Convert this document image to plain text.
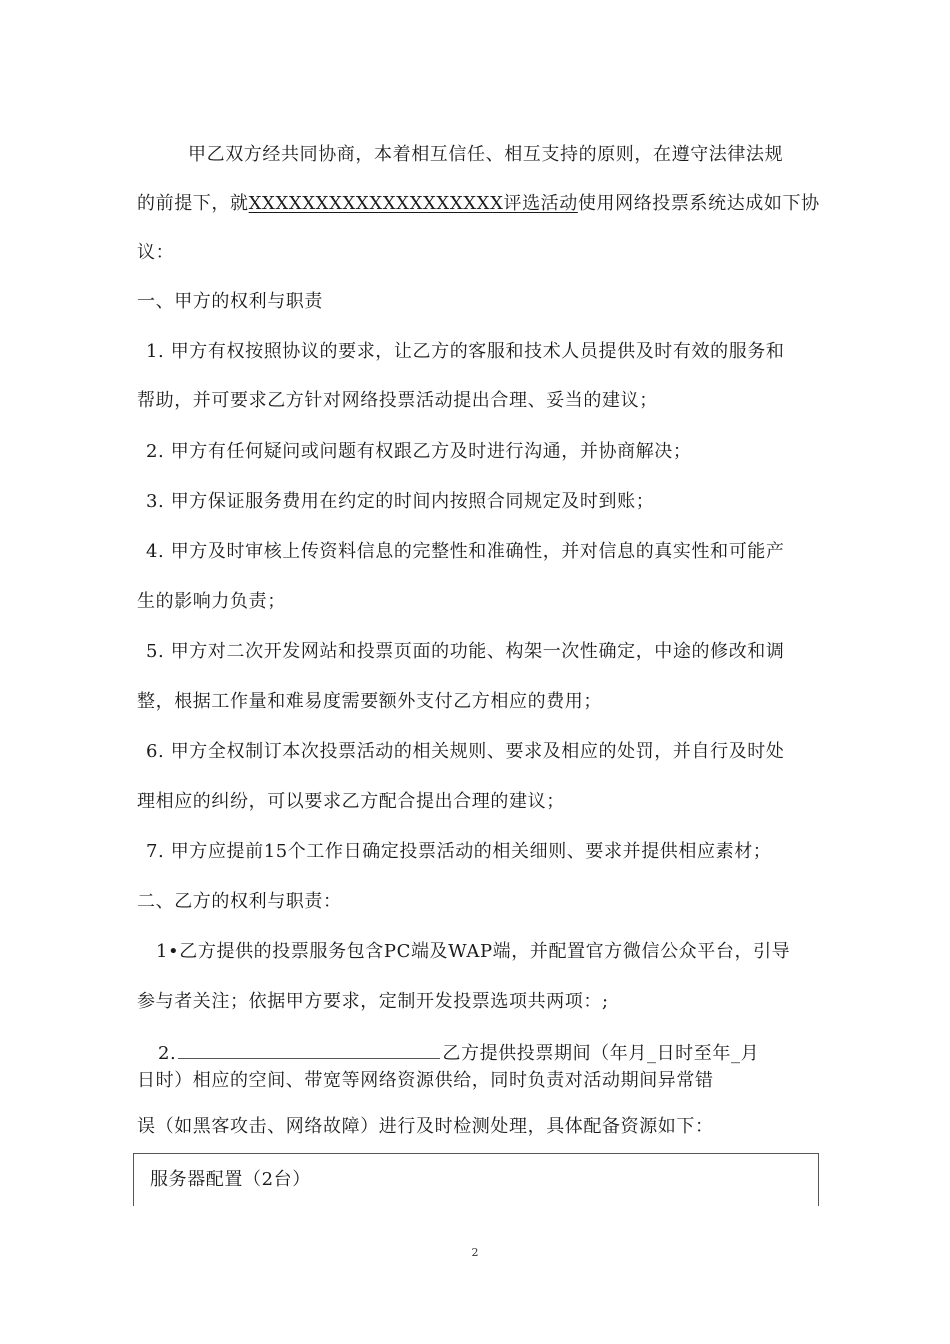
甲乙双方经共同协商，本着相互信任、相互支持的原则，在遵守法律法规
的前提下，就XXXXXXXXXXXXXXXXXXX评选活动使用网络投票系统达成如下协
议：
一、甲方的权利与职责
1. 甲方有权按照协议的要求，让乙方的客服和技术人员提供及时有效的服务和
帮助，并可要求乙方针对网络投票活动提出合理、妥当的建议；
2. 甲方有任何疑问或问题有权跟乙方及时进行沟通，并协商解决；
3. 甲方保证服务费用在约定的时间内按照合同规定及时到账；
4. 甲方及时审核上传资料信息的完整性和准确性，并对信息的真实性和可能产
生的影响力负责；
5. 甲方对二次开发网站和投票页面的功能、构架一次性确定，中途的修改和调
整，根据工作量和难易度需要额外支付乙方相应的费用；
6. 甲方全权制订本次投票活动的相关规则、要求及相应的处罚，并自行及时处
理相应的纠纷，可以要求乙方配合提出合理的建议；
7. 甲方应提前15个工作日确定投票活动的相关细则、要求并提供相应素材；
二、乙方的权利与职责：
1•乙方提供的投票服务包含PC端及WAP端，并配置官方微信公众平台，引导
参与者关注；依据甲方要求，定制开发投票选项共两项：;
2.	乙方提供投票期间（年月_日时至年_月
日时）相应的空间、带宽等网络资源供给，同时负责对活动期间异常错
误（如黑客攻击、网络故障）进行及时检测处理，具体配备资源如下：
服务器配置（2台）
2
